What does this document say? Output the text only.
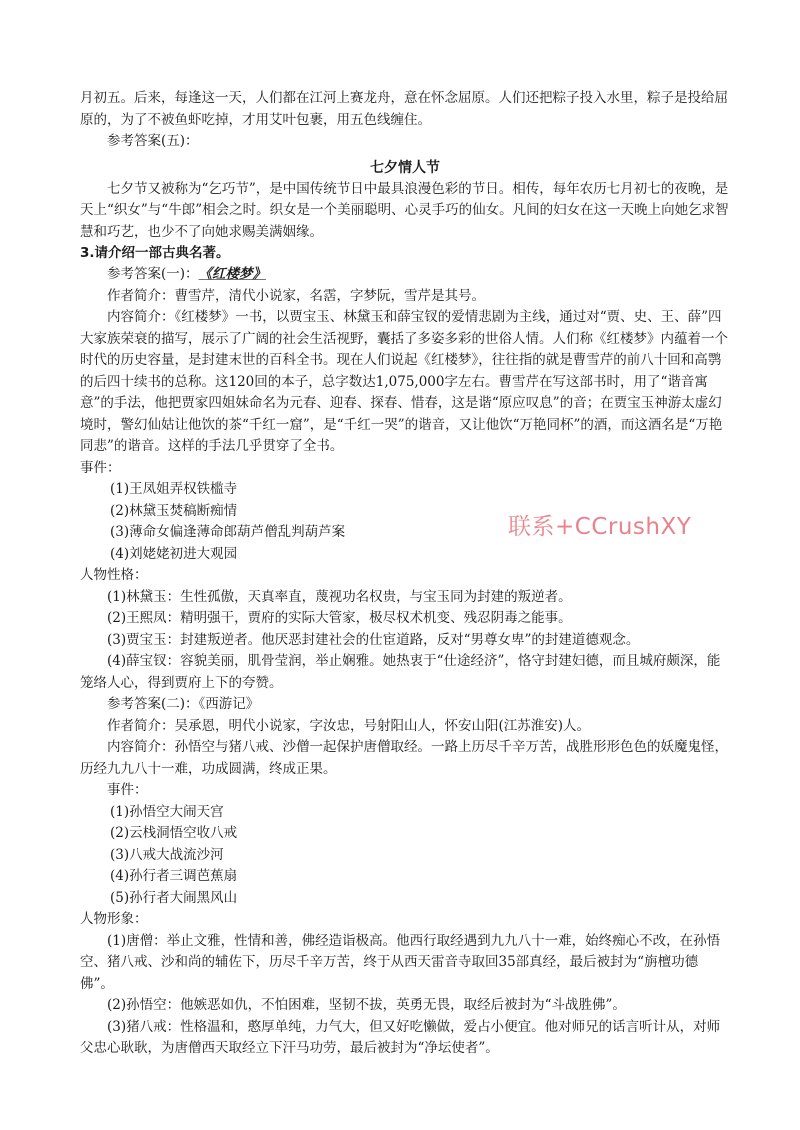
月初五。后来，每逢这一天，人们都在江河上赛龙舟，意在怀念屈原。人们还把粽子投入水里，粽子是投给屈原的，为了不被鱼虾吃掉，才用艾叶包裹，用五色线缠住。

参考答案(五)：

七夕情人节

七夕节又被称为“乞巧节”，是中国传统节日中最具浪漫色彩的节日。相传，每年农历七月初七的夜晚，是天上“织女”与“牛郎”相会之时。织女是一个美丽聪明、心灵手巧的仙女。凡间的妇女在这一天晚上向她乞求智慧和巧艺，也少不了向她求赐美满姻缘。

3.请介绍一部古典名著。

参考答案(一)：《红楼梦》

作者简介：曹雪芹，清代小说家，名霑，字梦阮，雪芹是其号。

内容简介：《红楼梦》一书，以贾宝玉、林黛玉和薛宝钗的爱情悲剧为主线，通过对“贾、史、王、薛”四大家族荣衰的描写，展示了广阔的社会生活视野，囊括了多姿多彩的世俗人情。人们称《红楼梦》内蕴着一个时代的历史容量，是封建末世的百科全书。现在人们说起《红楼梦》，往往指的就是曹雪芹的前八十回和高鹗的后四十续书的总称。这120回的本子，总字数达1,075,000字左右。曹雪芹在写这部书时，用了“谐音寓意”的手法，他把贾家四姐妹命名为元春、迎春、探春、惜春，这是谐“原应叹息”的音；在贾宝玉神游太虚幻境时，警幻仙姑让他饮的茶“千红一窟”，是“千红一哭”的谐音，又让他饮“万艳同杯”的酒，而这酒名是“万艳同悲”的谐音。这样的手法几乎贯穿了全书。

事件：

(1)王凤姐弄权铁槛寺

(2)林黛玉焚稿断痴情

(3)薄命女偏逢薄命郎葫芦僧乱判葫芦案

(4)刘姥姥初进大观园

人物性格：

(1)林黛玉：生性孤傲，天真率直，蔑视功名权贵，与宝玉同为封建的叛逆者。

(2)王熙凤：精明强干，贾府的实际大管家，极尽权术机变、残忍阴毒之能事。

(3)贾宝玉：封建叛逆者。他厌恶封建社会的仕宦道路，反对“男尊女卑”的封建道德观念。

(4)薛宝钗：容貌美丽，肌骨莹润，举止娴雅。她热衷于“仕途经济”，恪守封建妇德，而且城府颇深，能笼络人心，得到贾府上下的夸赞。

参考答案(二)：《西游记》

作者简介：吴承恩，明代小说家，字汝忠，号射阳山人，怀安山阳(江苏淮安)人。

内容简介：孙悟空与猪八戒、沙僧一起保护唐僧取经。一路上历尽千辛万苦，战胜形形色色的妖魔鬼怪，历经九九八十一难，功成圆满，终成正果。

事件：

(1)孙悟空大闹天宫

(2)云栈洞悟空收八戒

(3)八戒大战流沙河

(4)孙行者三调芭蕉扇

(5)孙行者大闹黑风山

人物形象：

(1)唐僧：举止文雅，性情和善，佛经造诣极高。他西行取经遇到九九八十一难，始终痴心不改，在孙悟空、猪八戒、沙和尚的辅佐下，历尽千辛万苦，终于从西天雷音寺取回35部真经，最后被封为“旃檀功德佛”。

(2)孙悟空：他嫉恶如仇，不怕困难，坚韧不拔，英勇无畏，取经后被封为“斗战胜佛”。

(3)猪八戒：性格温和，憨厚单纯，力气大，但又好吃懒做，爱占小便宜。他对师兄的话言听计从，对师父忠心耿耿，为唐僧西天取经立下汗马功劳，最后被封为“净坛使者”。

联系+CCrushXY
